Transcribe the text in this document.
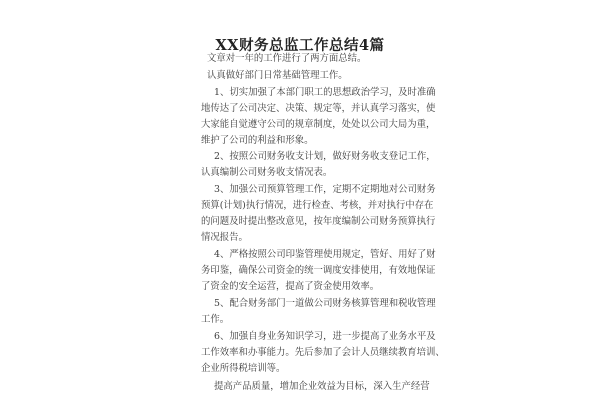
XX财务总监工作总结4篇
文章对一年的工作进行了两方面总结。
认真做好部门日常基础管理工作。
1、切实加强了本部门职工的思想政治学习，及时准确
地传达了公司决定、决策、规定等，并认真学习落实，使
大家能自觉遵守公司的规章制度，处处以公司大局为重，
维护了公司的利益和形象。
2、按照公司财务收支计划，做好财务收支登记工作，
认真编制公司财务收支情况表。
3、加强公司预算管理工作，定期不定期地对公司财务
预算(计划)执行情况，进行检查、考核，并对执行中存在
的问题及时提出整改意见，按年度编制公司财务预算执行
情况报告。
4、严格按照公司印鉴管理使用规定，管好、用好了财
务印鉴，确保公司资金的统一调度安排使用，有效地保证
了资金的安全运营，提高了资金使用效率。
5、配合财务部门一道做公司财务核算管理和税收管理
工作。
6、加强自身业务知识学习，进一步提高了业务水平及
工作效率和办事能力。先后参加了会计人员继续教育培训、
企业所得税培训等。
提高产品质量，增加企业效益为目标，深入生产经营
